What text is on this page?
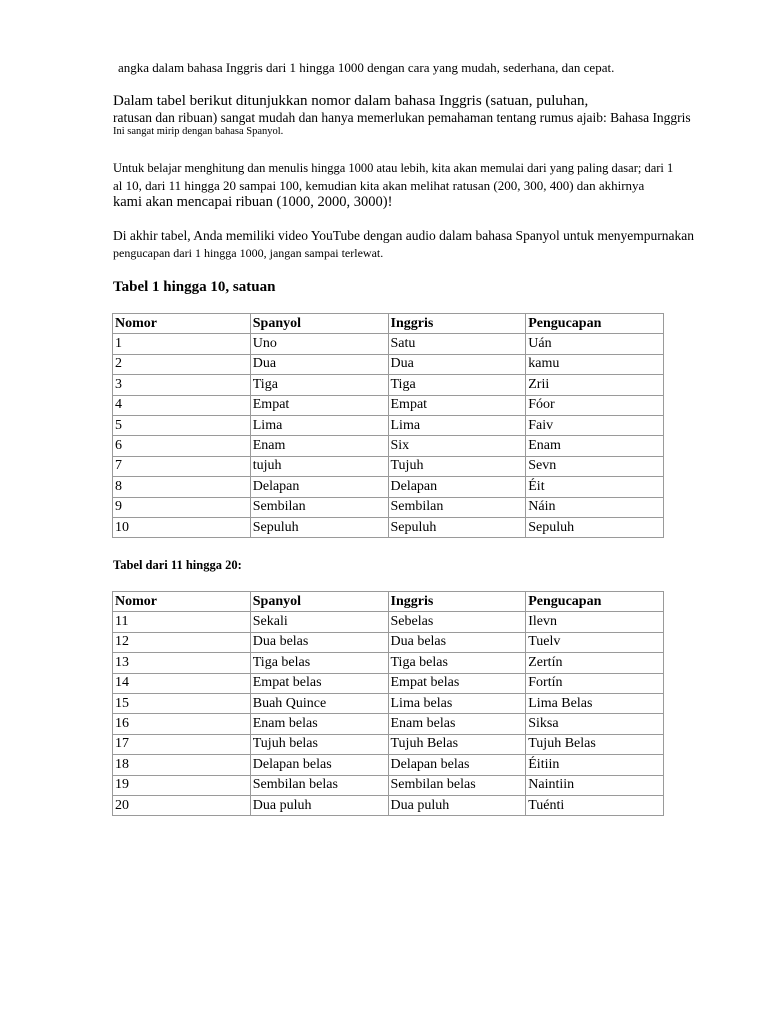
angka dalam bahasa Inggris dari 1 hingga 1000 dengan cara yang mudah, sederhana, dan cepat.
Dalam tabel berikut ditunjukkan nomor dalam bahasa Inggris (satuan, puluhan,
ratusan dan ribuan) sangat mudah dan hanya memerlukan pemahaman tentang rumus ajaib: Bahasa Inggris
Ini sangat mirip dengan bahasa Spanyol.
Untuk belajar menghitung dan menulis hingga 1000 atau lebih, kita akan memulai dari yang paling dasar; dari 1
al 10, dari 11 hingga 20 sampai 100, kemudian kita akan melihat ratusan (200, 300, 400) dan akhirnya
kami akan mencapai ribuan (1000, 2000, 3000)!
Di akhir tabel, Anda memiliki video YouTube dengan audio dalam bahasa Spanyol untuk menyempurnakan
pengucapan dari 1 hingga 1000, jangan sampai terlewat.
Tabel 1 hingga 10, satuan
Nomor	Spanyol	Inggris	Pengucapan
1	Uno	Satu	Uán
2	Dua	Dua	kamu
3	Tiga	Tiga	Zrii
4	Empat	Empat	Fóor
5	Lima	Lima	Faiv
6	Enam	Six	Enam
7	tujuh	Tujuh	Sevn
8	Delapan	Delapan	Éit
9	Sembilan	Sembilan	Náin
10	Sepuluh	Sepuluh	Sepuluh
Tabel dari 11 hingga 20:
Nomor	Spanyol	Inggris	Pengucapan
11	Sekali	Sebelas	Ilevn
12	Dua belas	Dua belas	Tuelv
13	Tiga belas	Tiga belas	Zertín
14	Empat belas	Empat belas	Fortín
15	Buah Quince	Lima belas	Lima Belas
16	Enam belas	Enam belas	Siksa
17	Tujuh belas	Tujuh Belas	Tujuh Belas
18	Delapan belas	Delapan belas	Éitiin
19	Sembilan belas	Sembilan belas	Naintiin
20	Dua puluh	Dua puluh	Tuénti
